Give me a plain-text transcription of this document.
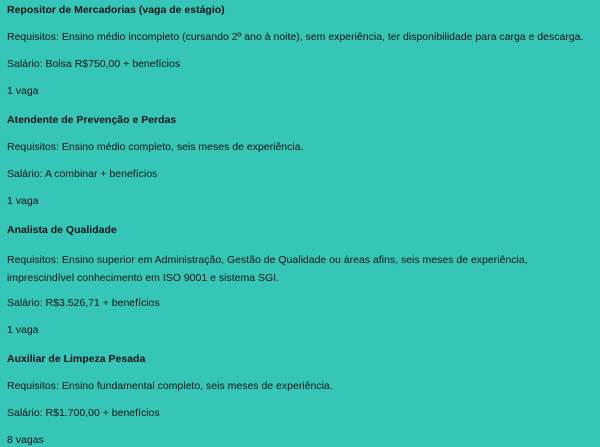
Repositor de Mercadorias (vaga de estágio)

Requisitos: Ensino médio incompleto (cursando 2º ano à noite), sem experiência, ter disponibilidade para carga e descarga.

Salário: Bolsa R$750,00 + benefícios

1 vaga

Atendente de Prevenção e Perdas

Requisitos: Ensino médio completo, seis meses de experiência.

Salário: A combinar + benefícios

1 vaga

Analista de Qualidade

Requisitos: Ensino superior em Administração, Gestão de Qualidade ou áreas afins, seis meses de experiência, imprescindível conhecimento em ISO 9001 e sistema SGI.

Salário: R$3.526,71 + benefícios

1 vaga

Auxiliar de Limpeza Pesada

Requisitos: Ensino fundamental completo, seis meses de experiência.

Salário: R$1.700,00 + benefícios

8 vagas
